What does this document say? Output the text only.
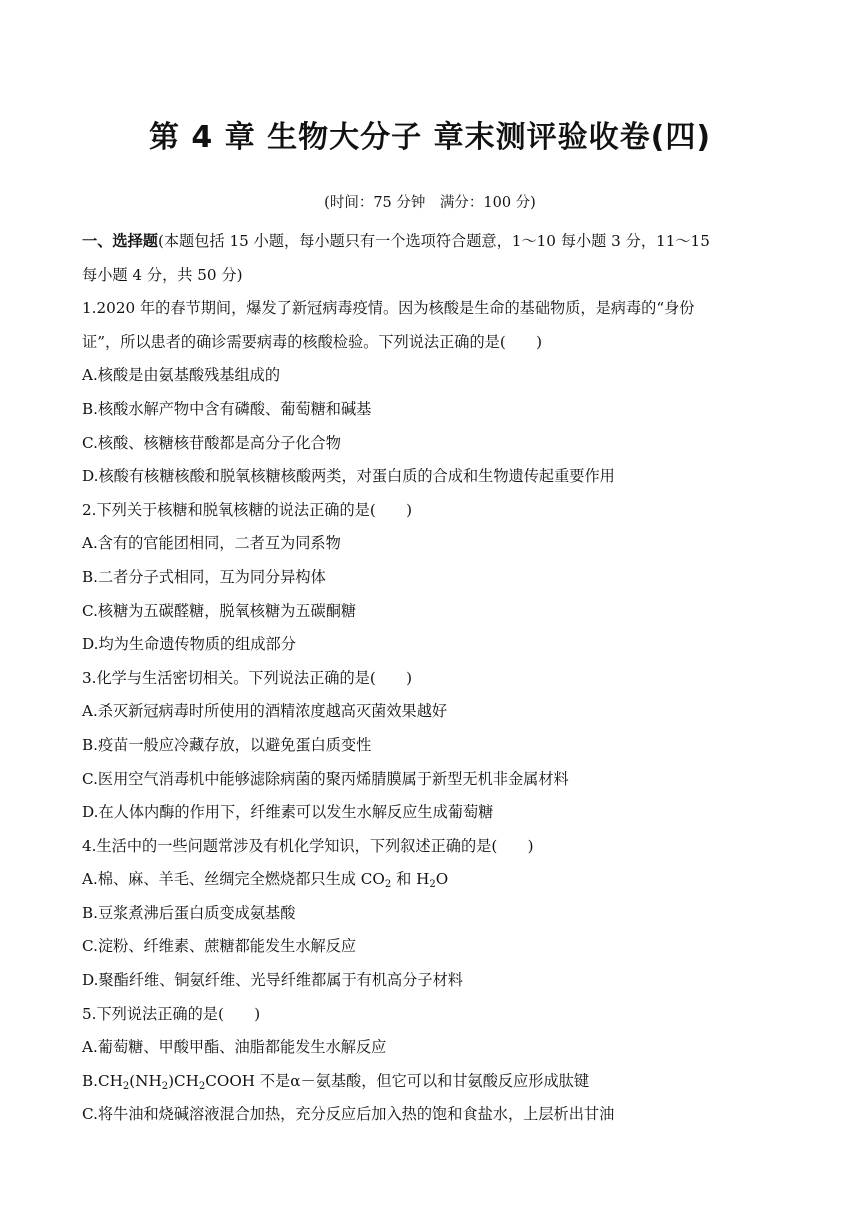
第 4 章 生物大分子 章末测评验收卷(四)
(时间：75 分钟　满分：100 分)
一、选择题(本题包括 15 小题，每小题只有一个选项符合题意，1～10 每小题 3 分，11～15
每小题 4 分，共 50 分)
1.2020 年的春节期间，爆发了新冠病毒疫情。因为核酸是生命的基础物质，是病毒的“身份
证”，所以患者的确诊需要病毒的核酸检验。下列说法正确的是(　　)
A.核酸是由氨基酸残基组成的
B.核酸水解产物中含有磷酸、葡萄糖和碱基
C.核酸、核糖核苷酸都是高分子化合物
D.核酸有核糖核酸和脱氧核糖核酸两类，对蛋白质的合成和生物遗传起重要作用
2.下列关于核糖和脱氧核糖的说法正确的是(　　)
A.含有的官能团相同，二者互为同系物
B.二者分子式相同，互为同分异构体
C.核糖为五碳醛糖，脱氧核糖为五碳酮糖
D.均为生命遗传物质的组成部分
3.化学与生活密切相关。下列说法正确的是(　　)
A.杀灭新冠病毒时所使用的酒精浓度越高灭菌效果越好
B.疫苗一般应冷藏存放，以避免蛋白质变性
C.医用空气消毒机中能够滤除病菌的聚丙烯腈膜属于新型无机非金属材料
D.在人体内酶的作用下，纤维素可以发生水解反应生成葡萄糖
4.生活中的一些问题常涉及有机化学知识，下列叙述正确的是(　　)
A.棉、麻、羊毛、丝绸完全燃烧都只生成 $CO_2$ 和 $H_2O$
B.豆浆煮沸后蛋白质变成氨基酸
C.淀粉、纤维素、蔗糖都能发生水解反应
D.聚酯纤维、铜氨纤维、光导纤维都属于有机高分子材料
5.下列说法正确的是(　　)
A.葡萄糖、甲酸甲酯、油脂都能发生水解反应
$B.CH_2(NH_2)CH_2COOH$ 不是α－氨基酸，但它可以和甘氨酸反应形成肽键
C.将牛油和烧碱溶液混合加热，充分反应后加入热的饱和食盐水，上层析出甘油
